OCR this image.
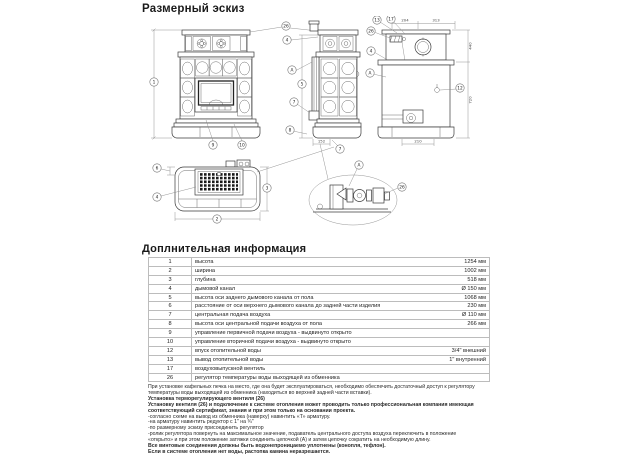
Размерный эскиз
1
9	10
26
4
5
A
7
8
152
7
204	313
440
720
210
13 17
26
4
A
12
6
4
3
2
A
26
Доплнительная информация
1	высота	1254 мм
2	ширина	1002 мм
3	глубина	518 мм
4	дымовой канал	Ø 150 мм
5	высота оси заднего дымового канала от пола	1068 мм
6	расстояние от оси верхнего дымового канала до задней части изделия	230 мм
7	центральная подача воздуха	Ø 110 мм
8	высота оси центральной подачи воздуха от пола	266 мм
9	управление первичной подачи воздуха - выдвинуто открыто	
10	управление вторичной подачи воздуха - выдвинуто открыто	
12	впуск отопительной воды	3/4" внешний
13	вывод отопительной воды	1" внутренний
17	воздуховыпускной вентиль	
26	регулятор температуры воды выходящей из обменника	

При установке кафельных печка на место, где она будет эксплуатироваться, необходимо обеспечить достаточный доступ к регулятору температуры воды выходящей из обменника (находиться во верхней задней части вставки).

Установка терморегулирующего вентиля (26)

Установку вентиля (26) и подключение к системе отопления может проводить только профессиональная компания имеющая соответствующий сертификат, знания и при этом только на основании проекта.

-согласно схеме на вывод из обменника (наверху) навинтить «Т» арматуру.

-на арматуру навинтить редуктор с 1" на ¾"

-по размерному эскизу присоединить регулятор

-ролик регулятора повернуть на максимальное значение, подаватель центрального доступа воздуха переключить в положение «открыто» и при этом положение затяжки соединить цепочкой (А) и затем цепочку сократить на необходимую длину.

Все винтовые соединения должны быть водонепроницаемо уплотнены (конопля, тефлон).

Если в системе отопления нет воды, растопка камина неразрешается.
